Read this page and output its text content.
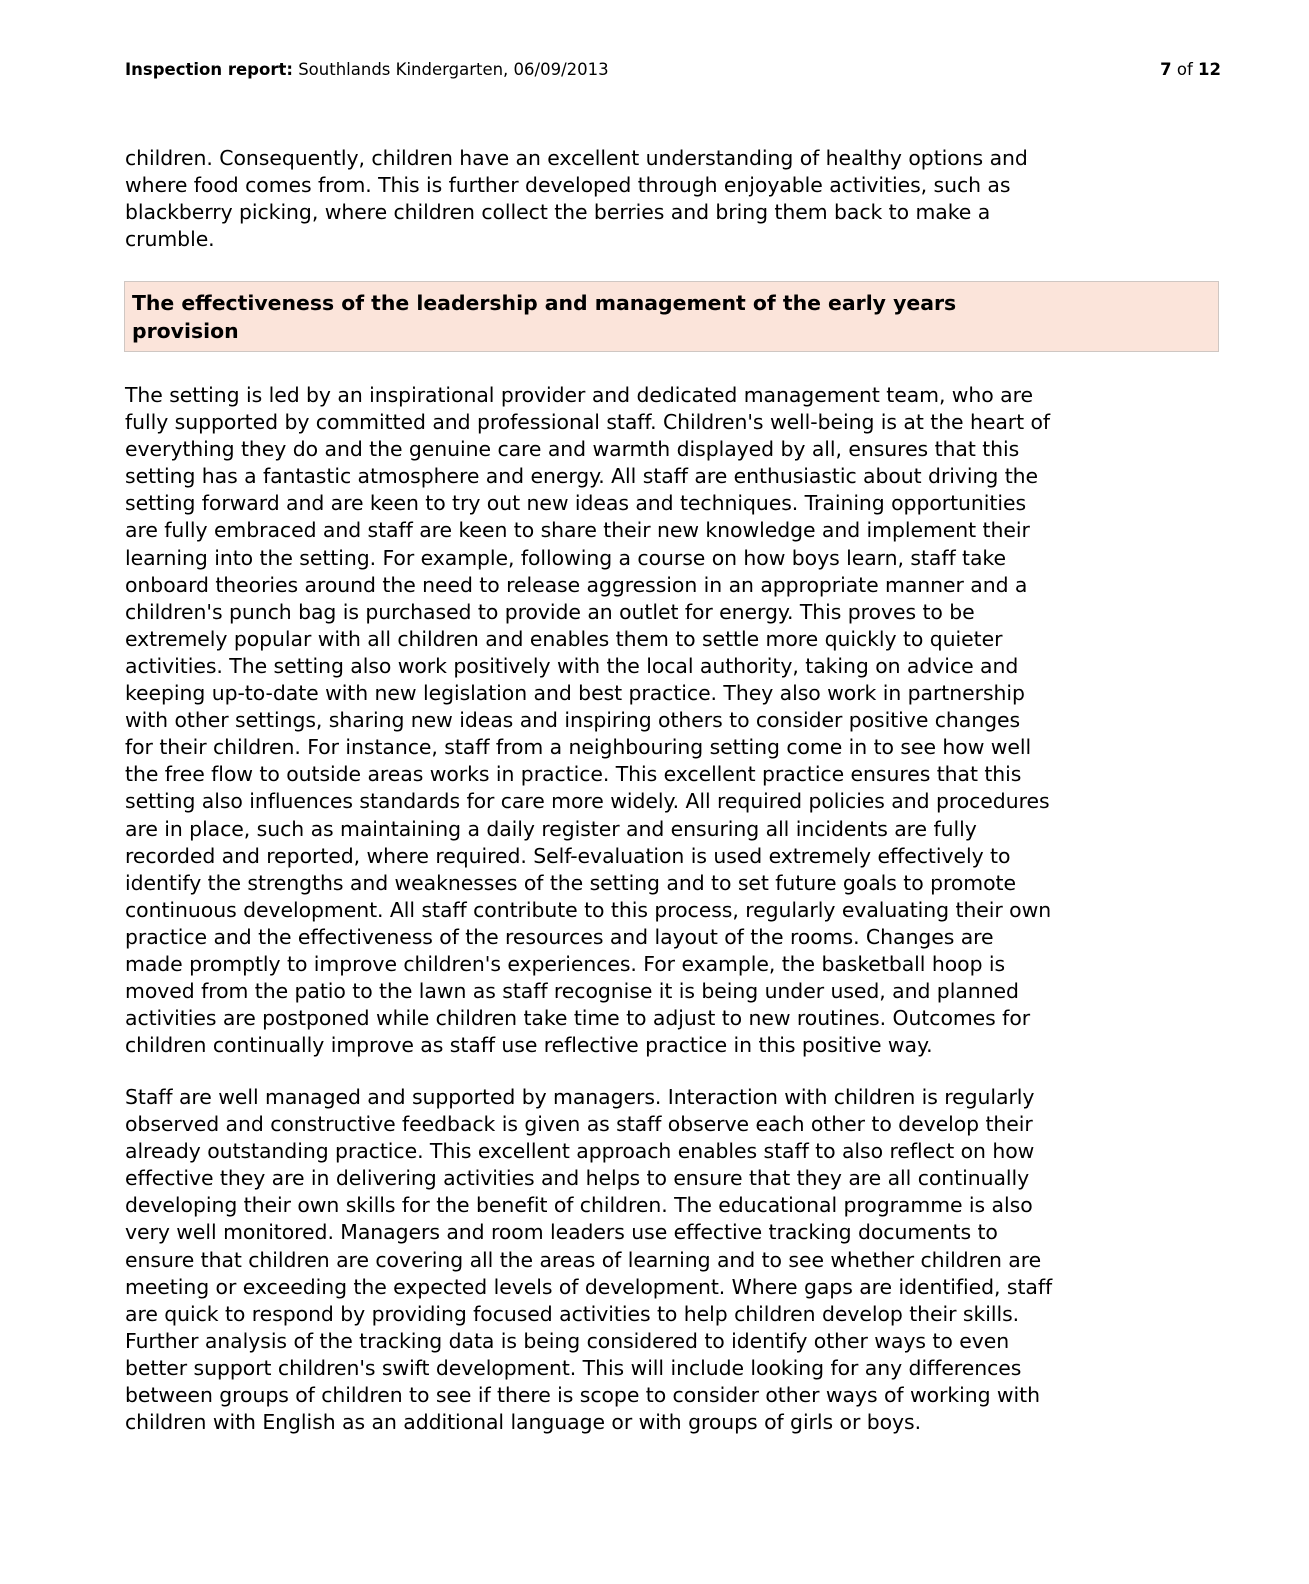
Inspection report: Southlands Kindergarten, 06/09/2013	7 of 12

children. Consequently, children have an excellent understanding of healthy options and
where food comes from. This is further developed through enjoyable activities, such as
blackberry picking, where children collect the berries and bring them back to make a
crumble.

The effectiveness of the leadership and management of the early years
provision

The setting is led by an inspirational provider and dedicated management team, who are
fully supported by committed and professional staff. Children's well-being is at the heart of
everything they do and the genuine care and warmth displayed by all, ensures that this
setting has a fantastic atmosphere and energy. All staff are enthusiastic about driving the
setting forward and are keen to try out new ideas and techniques. Training opportunities
are fully embraced and staff are keen to share their new knowledge and implement their
learning into the setting. For example, following a course on how boys learn, staff take
onboard theories around the need to release aggression in an appropriate manner and a
children's punch bag is purchased to provide an outlet for energy. This proves to be
extremely popular with all children and enables them to settle more quickly to quieter
activities. The setting also work positively with the local authority, taking on advice and
keeping up-to-date with new legislation and best practice. They also work in partnership
with other settings, sharing new ideas and inspiring others to consider positive changes
for their children. For instance, staff from a neighbouring setting come in to see how well
the free flow to outside areas works in practice. This excellent practice ensures that this
setting also influences standards for care more widely. All required policies and procedures
are in place, such as maintaining a daily register and ensuring all incidents are fully
recorded and reported, where required. Self-evaluation is used extremely effectively to
identify the strengths and weaknesses of the setting and to set future goals to promote
continuous development. All staff contribute to this process, regularly evaluating their own
practice and the effectiveness of the resources and layout of the rooms. Changes are
made promptly to improve children's experiences. For example, the basketball hoop is
moved from the patio to the lawn as staff recognise it is being under used, and planned
activities are postponed while children take time to adjust to new routines. Outcomes for
children continually improve as staff use reflective practice in this positive way.

Staff are well managed and supported by managers. Interaction with children is regularly
observed and constructive feedback is given as staff observe each other to develop their
already outstanding practice. This excellent approach enables staff to also reflect on how
effective they are in delivering activities and helps to ensure that they are all continually
developing their own skills for the benefit of children. The educational programme is also
very well monitored. Managers and room leaders use effective tracking documents to
ensure that children are covering all the areas of learning and to see whether children are
meeting or exceeding the expected levels of development. Where gaps are identified, staff
are quick to respond by providing focused activities to help children develop their skills.
Further analysis of the tracking data is being considered to identify other ways to even
better support children's swift development. This will include looking for any differences
between groups of children to see if there is scope to consider other ways of working with
children with English as an additional language or with groups of girls or boys.
